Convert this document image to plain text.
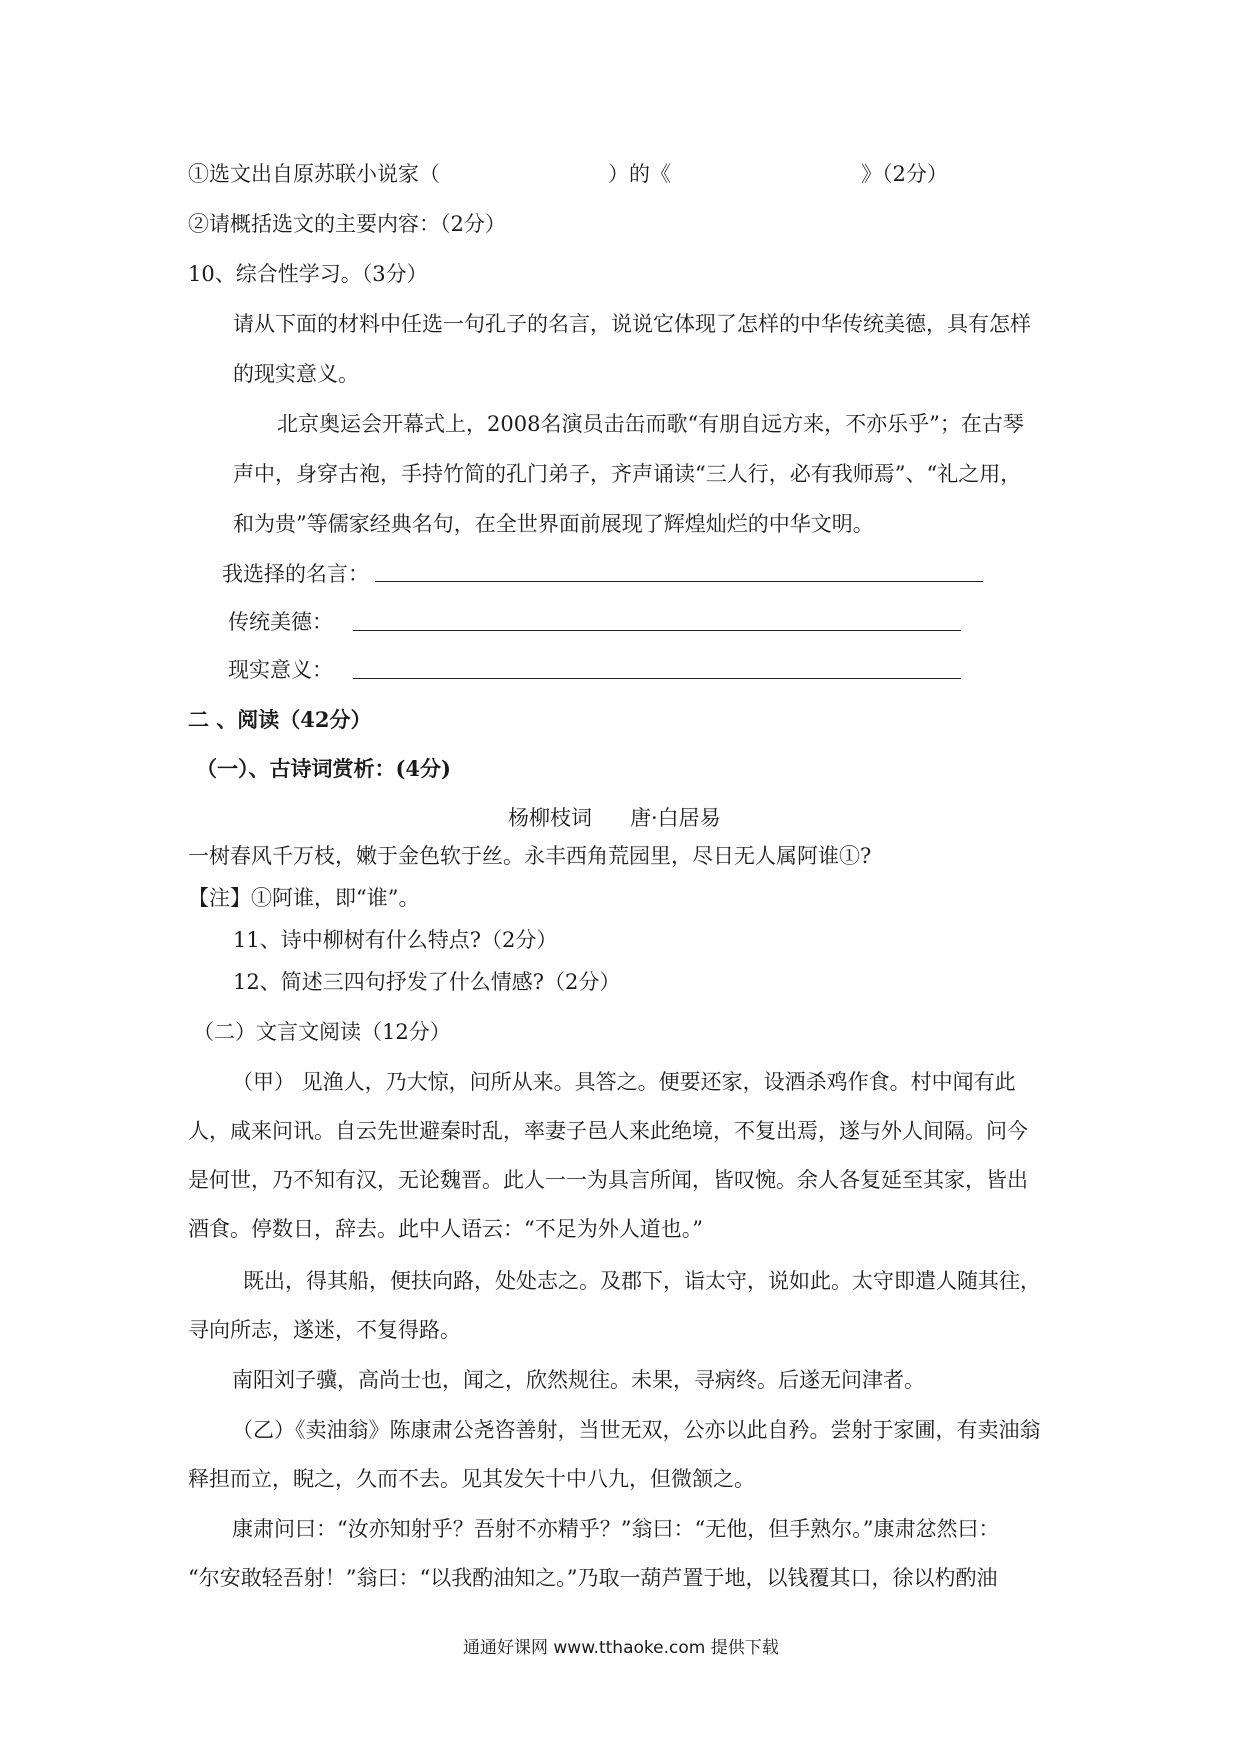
①选文出自原苏联小说家（	）的《	》（2分）
②请概括选文的主要内容：（2分）
10、综合性学习。（3分）
请从下面的材料中任选一句孔子的名言，说说它体现了怎样的中华传统美德，具有怎样
的现实意义。
北京奥运会开幕式上，2008名演员击缶而歌“有朋自远方来，不亦乐乎”；在古琴
声中，身穿古袍，手持竹简的孔门弟子，齐声诵读“三人行，必有我师焉”、“礼之用，
和为贵”等儒家经典名句，在全世界面前展现了辉煌灿烂的中华文明。
我选择的名言：
传统美德：
现实意义：
二 、阅读（42分）
（一）、古诗词赏析：(4分)
杨柳枝词 唐·白居易
一树春风千万枝，嫩于金色软于丝。永丰西角荒园里，尽日无人属阿谁①?
【注】①阿谁，即“谁”。
11、诗中柳树有什么特点?（2分）
12、简述三四句抒发了什么情感?（2分）
（二）文言文阅读（12分）
（甲） 见渔人，乃大惊，问所从来。具答之。便要还家，设酒杀鸡作食。村中闻有此
人，咸来问讯。自云先世避秦时乱，率妻子邑人来此绝境，不复出焉，遂与外人间隔。问今
是何世，乃不知有汉，无论魏晋。此人一一为具言所闻，皆叹惋。余人各复延至其家，皆出
酒食。停数日，辞去。此中人语云：“不足为外人道也。”
既出，得其船，便扶向路，处处志之。及郡下，诣太守，说如此。太守即遣人随其往，
寻向所志，遂迷，不复得路。
南阳刘子骥，高尚士也，闻之，欣然规往。未果，寻病终。后遂无问津者。
（乙）《卖油翁》陈康肃公尧咨善射，当世无双，公亦以此自矜。尝射于家圃，有卖油翁
释担而立，睨之，久而不去。见其发矢十中八九，但微颔之。
康肃问曰：“汝亦知射乎？吾射不亦精乎？”翁曰：“无他，但手熟尔。”康肃忿然曰：
“尔安敢轻吾射！”翁曰：“以我酌油知之。”乃取一葫芦置于地，以钱覆其口，徐以杓酌油
通通好课网 www.tthaoke.com 提供下载
